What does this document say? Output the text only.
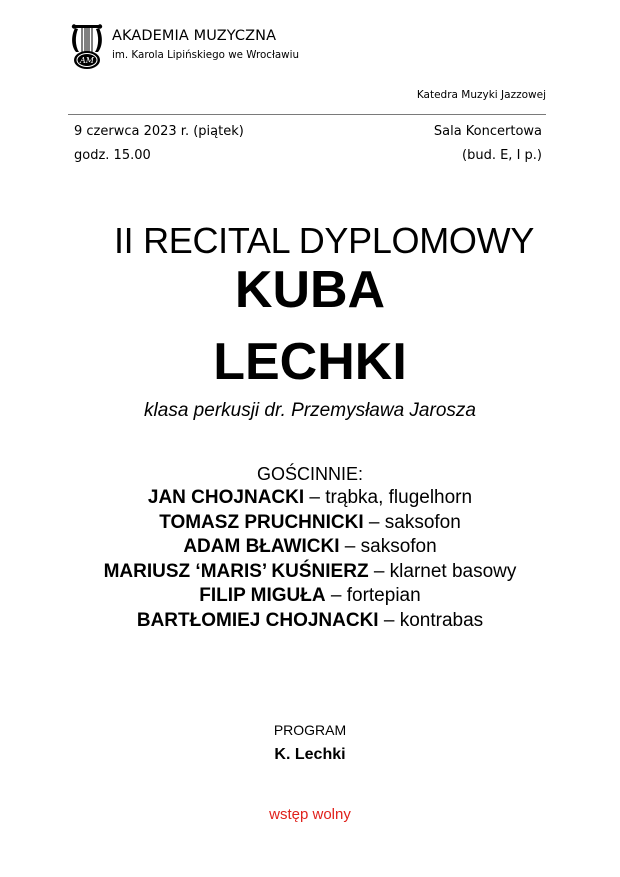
AM
AKADEMIA MUZYCZNA
im. Karola Lipińskiego we Wrocławiu
Katedra Muzyki Jazzowej
9 czerwca 2023 r. (piątek)
godz. 15.00
Sala Koncertowa
(bud. E, I p.)
II RECITAL DYPLOMOWY
KUBA
LECHKI
klasa perkusji dr. Przemysława Jarosza
GOŚCINNIE:
JAN CHOJNACKI – trąbka, flugelhorn
TOMASZ PRUCHNICKI – saksofon
ADAM BŁAWICKI – saksofon
MARIUSZ ‘MARIS’ KUŚNIERZ – klarnet basowy
FILIP MIGUŁA – fortepian
BARTŁOMIEJ CHOJNACKI – kontrabas
PROGRAM
K. Lechki
wstęp wolny
